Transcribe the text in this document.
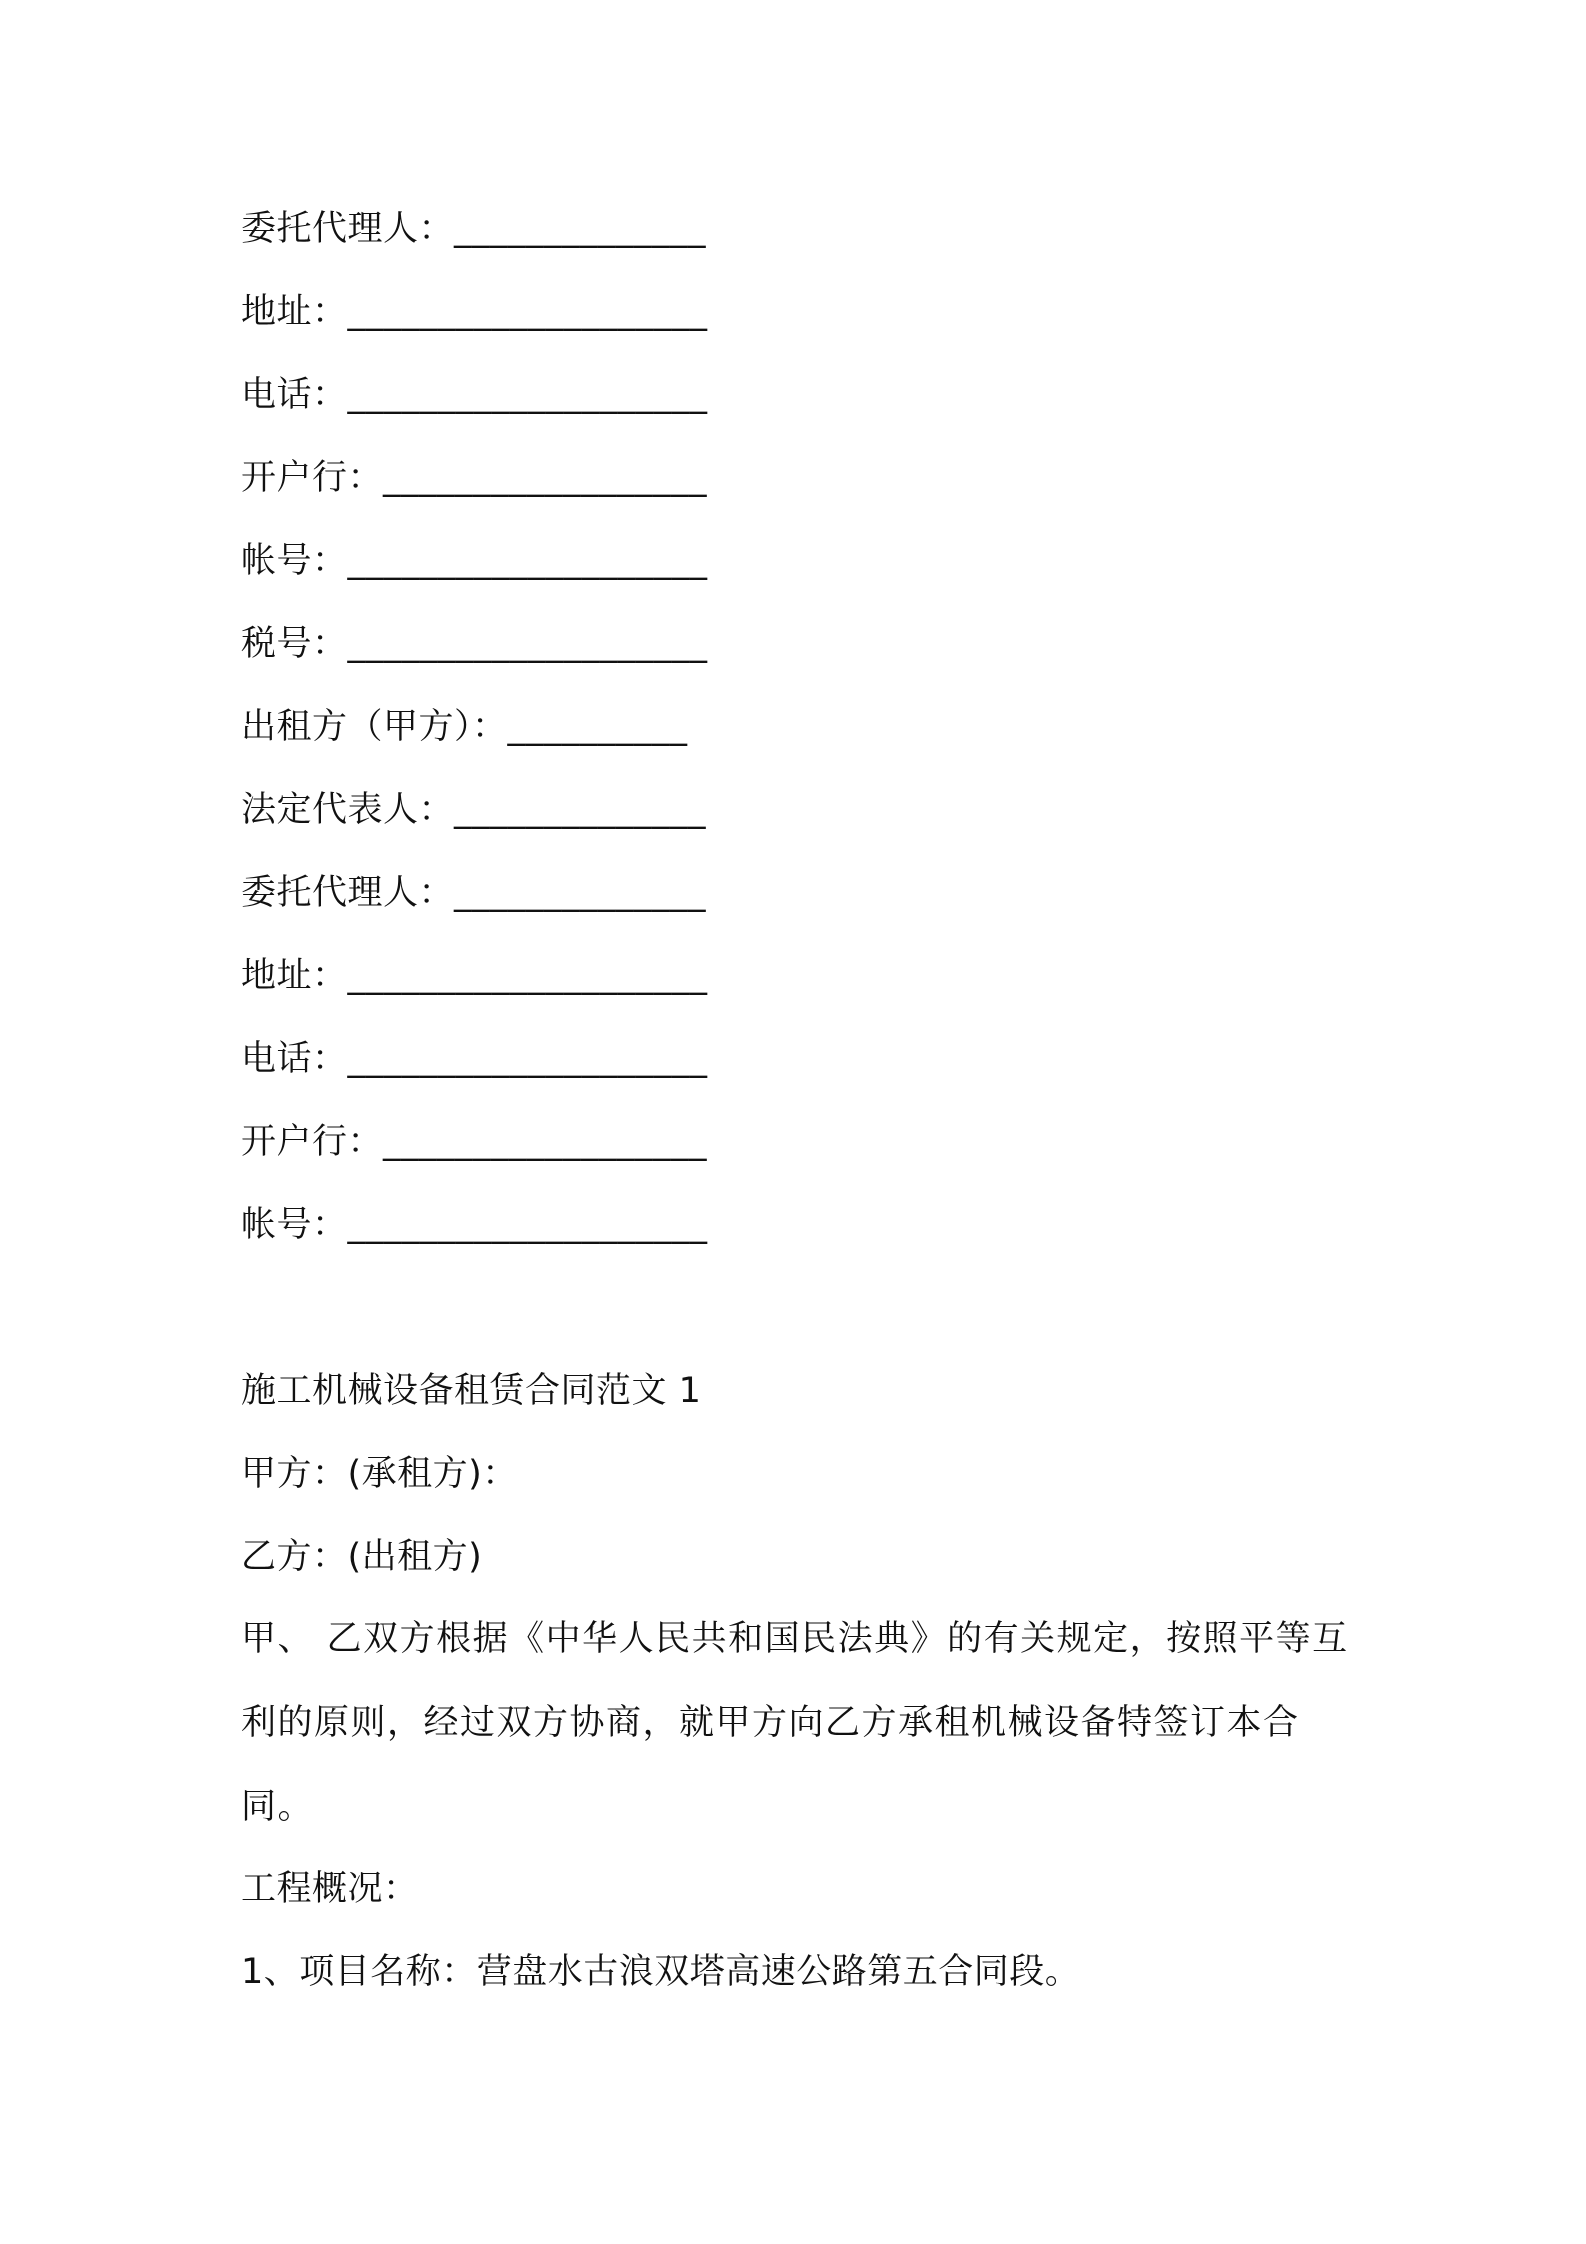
委托代理人：______________
地址：____________________
电话：____________________
开户行：__________________
帐号：____________________
税号：____________________
出租方（甲方）：__________
法定代表人：______________
委托代理人：______________
地址：____________________
电话：____________________
开户行：__________________
帐号：____________________
施工机械设备租赁合同范文 1
甲方：(承租方)：
乙方：(出租方)
甲、 乙双方根据《中华人民共和国民法典》的有关规定，按照平等互利的原则，经过双方协商，就甲方向乙方承租机械设备特签订本合同。
工程概况：
1、项目名称：营盘水古浪双塔高速公路第五合同段。
